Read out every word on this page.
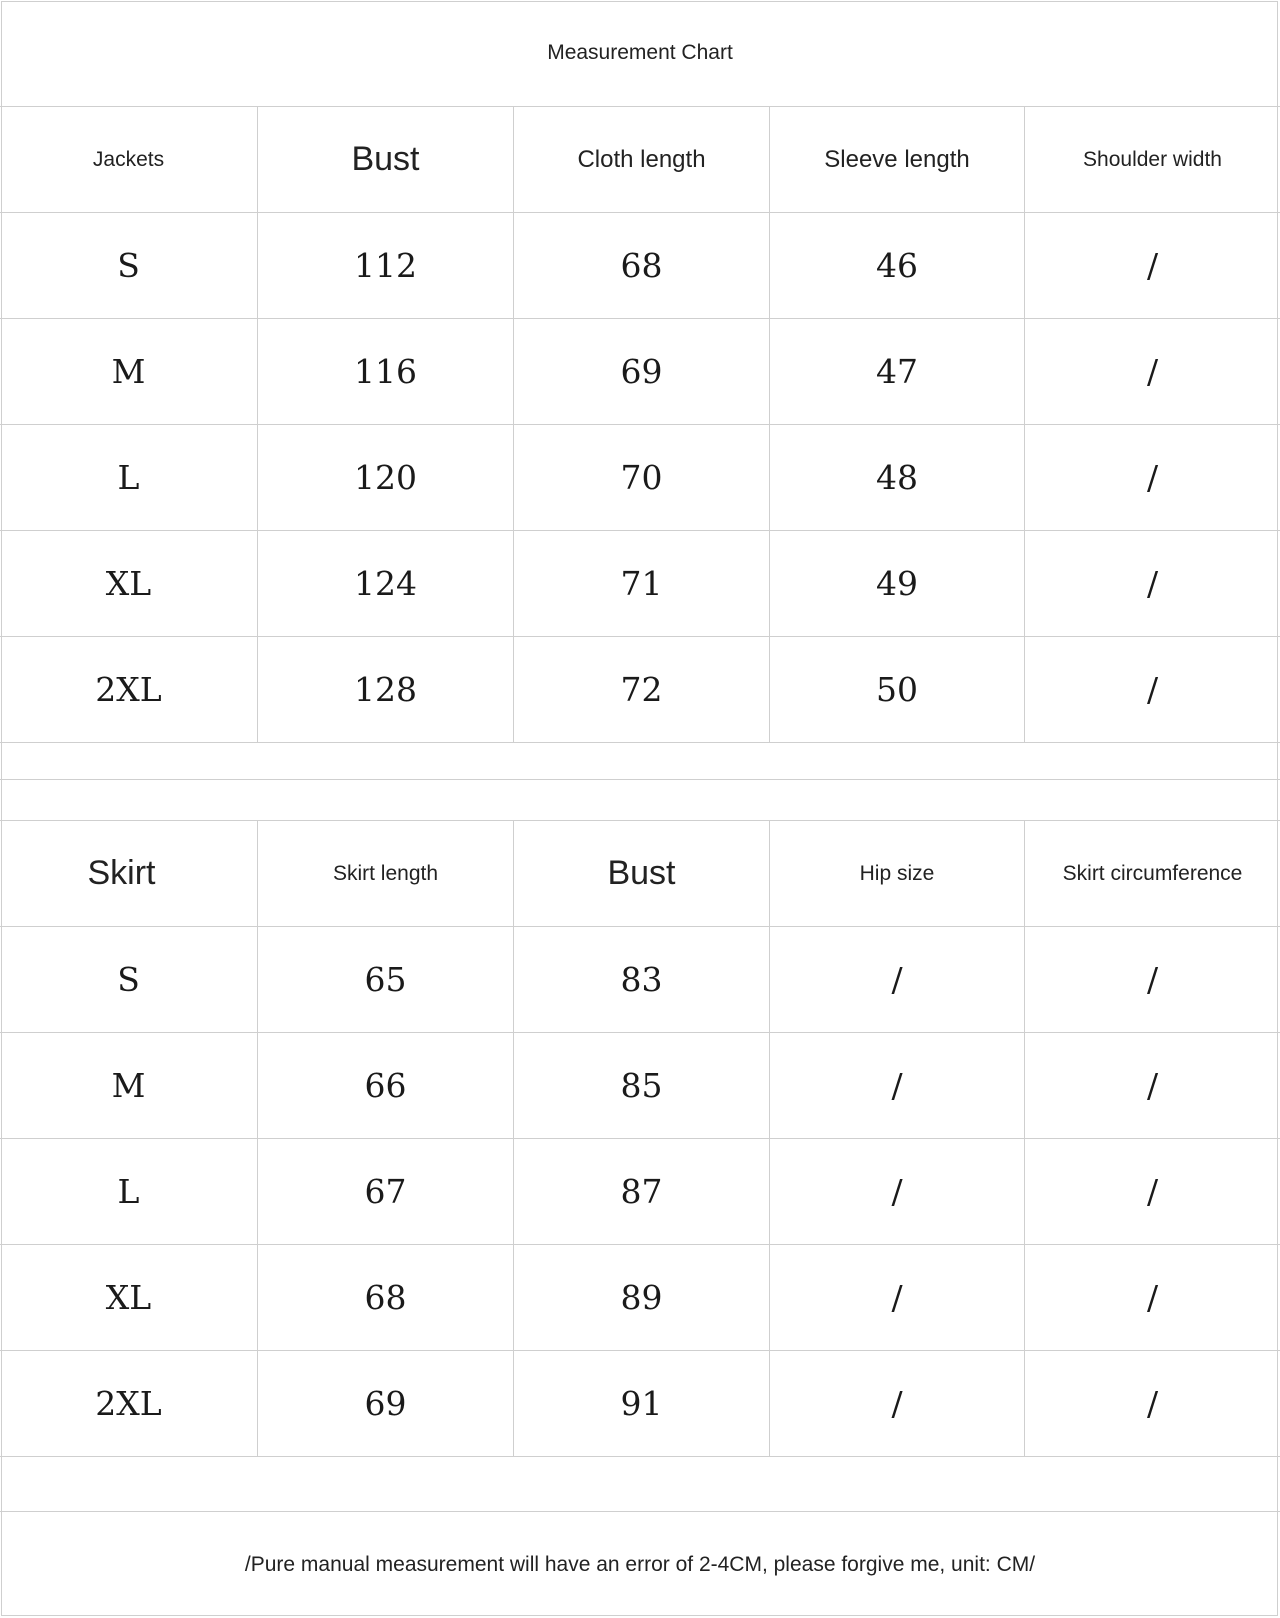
Measurement Chart
Jackets	Bust	Cloth length	Sleeve length	Shoulder width
S	112	68	46	/
M	116	69	47	/
L	120	70	48	/
XL	124	71	49	/
2XL	128	72	50	/
Skirt	Skirt length	Bust	Hip size	Skirt circumference
S	65	83	/	/
M	66	85	/	/
L	67	87	/	/
XL	68	89	/	/
2XL	69	91	/	/
/Pure manual measurement will have an error of 2-4CM, please forgive me, unit: CM/
